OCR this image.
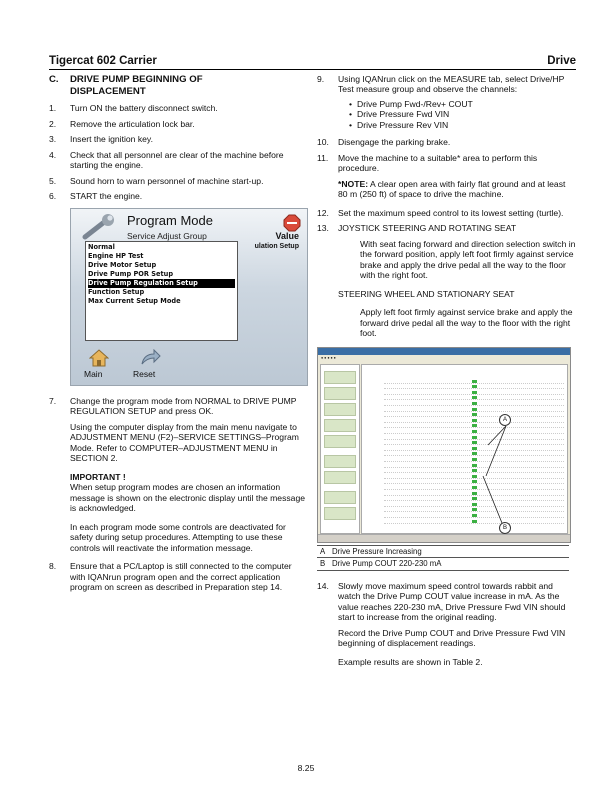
Tigercat 602 Carrier	Drive
C.	DRIVE PUMP BEGINNING OF
DISPLACEMENT
1.	Turn ON the battery disconnect switch.
2.	Remove the articulation lock bar.
3.	Insert the ignition key.
4.	Check that all personnel are clear of the machine before starting the engine.
5.	Sound horn to warn personnel of machine start-up.
6.	START the engine.
Program Mode
Service Adjust Group	Value
ulation Setup
Normal
Engine HP Test
Drive Motor Setup
Drive Pump POR Setup
Drive Pump Regulation Setup
Function Setup
Max Current Setup Mode
Main	Reset
7.	Change the program mode from NORMAL to DRIVE PUMP REGULATION SETUP and press OK.
Using the computer display from the main menu navigate to ADJUSTMENT MENU (F2)–SERVICE SETTINGS–Program Mode. Refer to COMPUTER–ADJUSTMENT MENU in SECTION 2.
IMPORTANT !
When setup program modes are chosen an information message is shown on the electronic display until the message is acknowledged.
In each program mode some controls are deactivated for safety during setup procedures. Attempting to use these controls will reactivate the information message.
8.	Ensure that a PC/Laptop is still connected to the computer with IQANrun program open and the correct application program on screen as described in Preparation step 14.
9.	Using IQANrun click on the MEASURE tab, select Drive/HP Test measure group and observe the channels:
• Drive Pump Fwd-/Rev+ COUT
• Drive Pressure Fwd VIN
• Drive Pressure Rev VIN
10.	Disengage the parking brake.
11.	Move the machine to a suitable* area to perform this procedure.
*NOTE: A clear open area with fairly flat ground and at least 80 m (250 ft) of space to drive the machine.
12.	Set the maximum speed control to its lowest setting (turtle).
13.	JOYSTICK STEERING AND ROTATING SEAT
With seat facing forward and direction selection switch in the forward position, apply left foot firmly against service brake and apply the drive pedal all the way to the floor with the right foot.
STEERING WHEEL AND STATIONARY SEAT
Apply left foot firmly against service brake and apply the forward drive pedal all the way to the floor with the right foot.
● ● ● ● ●
A
B
A Drive Pressure Increasing
B Drive Pump COUT 220-230 mA
14.	Slowly move maximum speed control towards rabbit and watch the Drive Pump COUT value increase in mA. As the value reaches 220-230 mA, Drive Pressure Fwd VIN should start to increase from the original reading.
Record the Drive Pump COUT and Drive Pressure Fwd VIN beginning of displacement readings.
Example results are shown in Table 2.
8.25
